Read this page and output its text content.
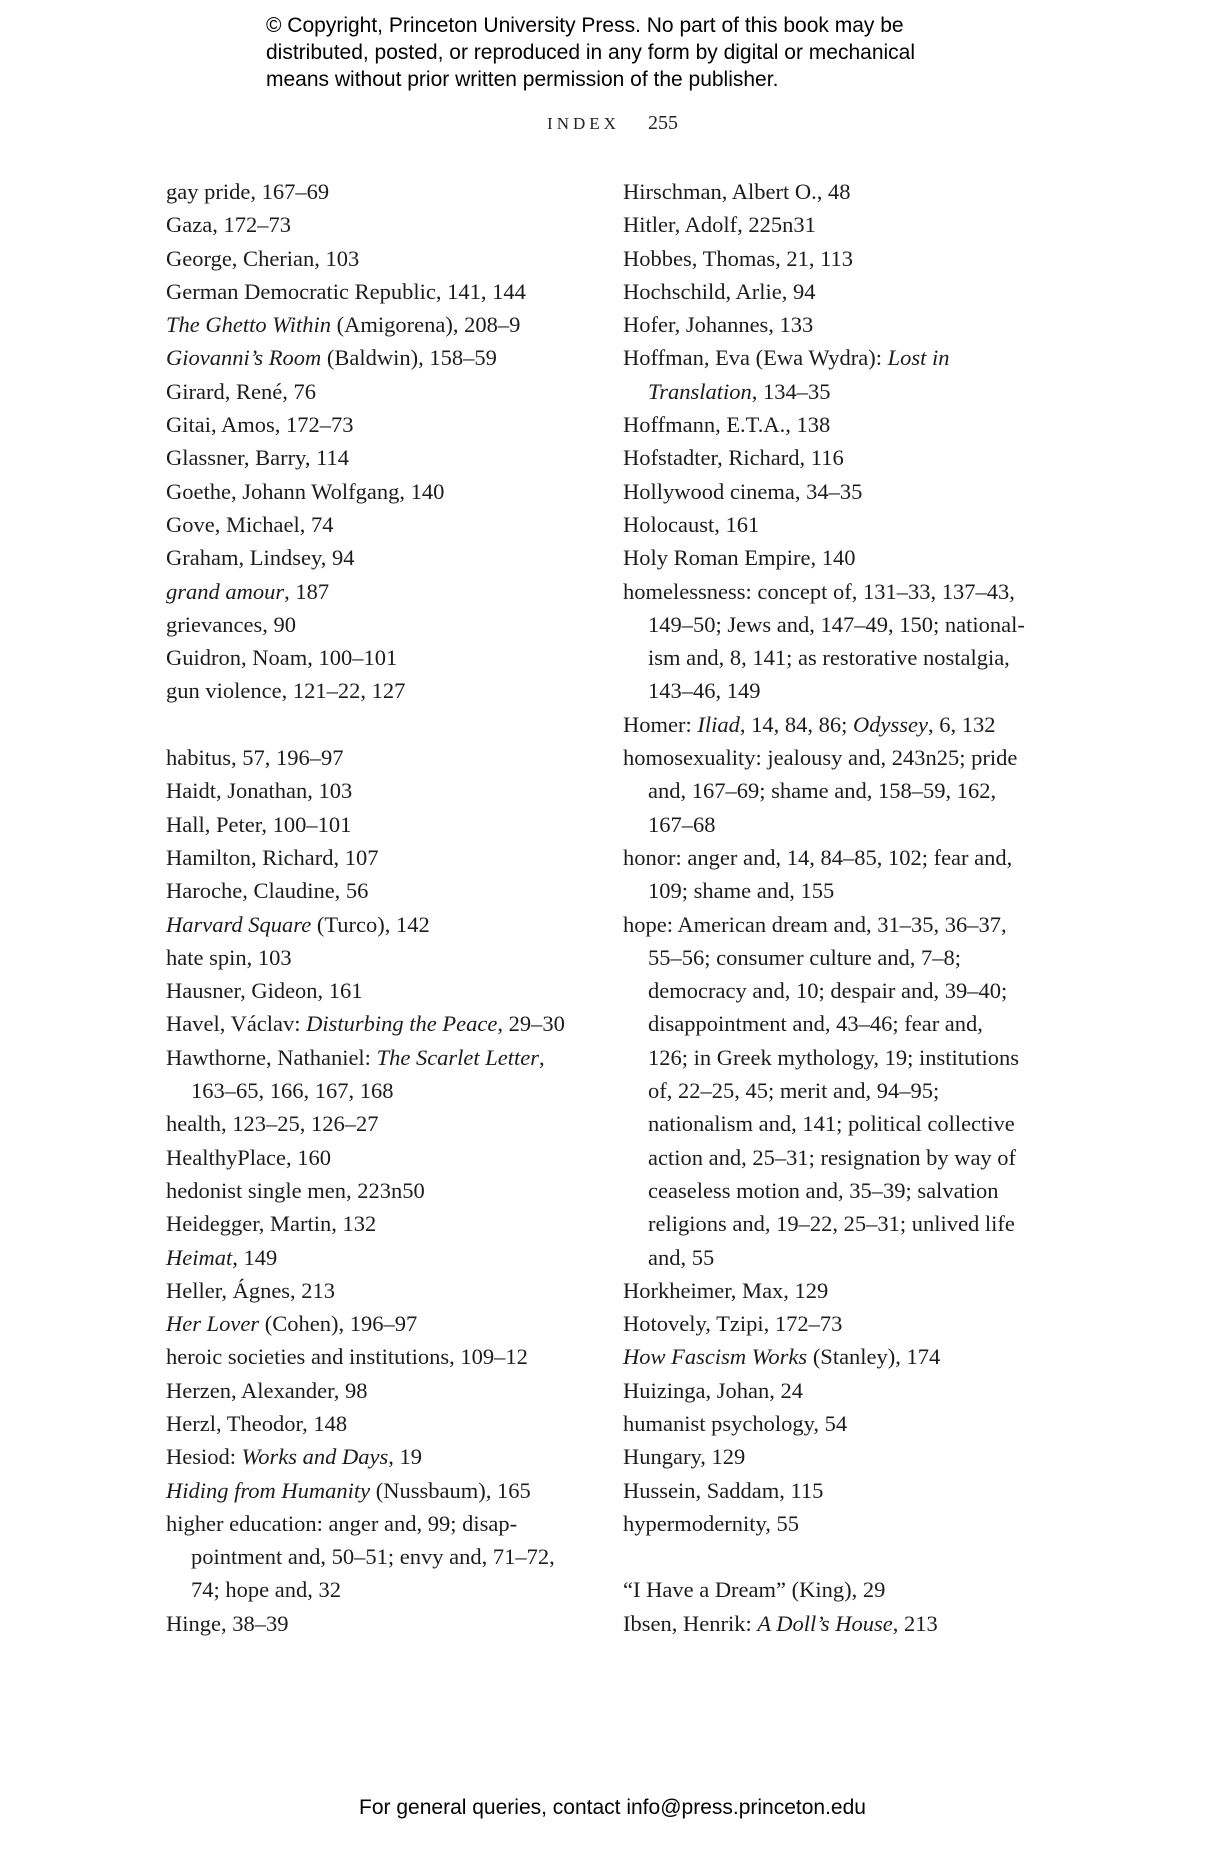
© Copyright, Princeton University Press. No part of this book may be
distributed, posted, or reproduced in any form by digital or mechanical
means without prior written permission of the publisher.
INDEX 255
gay pride, 167–69
Gaza, 172–73
George, Cherian, 103
German Democratic Republic, 141, 144
The Ghetto Within (Amigorena), 208–9
Giovanni’s Room (Baldwin), 158–59
Girard, René, 76
Gitai, Amos, 172–73
Glassner, Barry, 114
Goethe, Johann Wolfgang, 140
Gove, Michael, 74
Graham, Lindsey, 94
grand amour, 187
grievances, 90
Guidron, Noam, 100–101
gun violence, 121–22, 127
habitus, 57, 196–97
Haidt, Jonathan, 103
Hall, Peter, 100–101
Hamilton, Richard, 107
Haroche, Claudine, 56
Harvard Square (Turco), 142
hate spin, 103
Hausner, Gideon, 161
Havel, Václav: Disturbing the Peace, 29–30
Hawthorne, Nathaniel: The Scarlet Letter,
163–65, 166, 167, 168
health, 123–25, 126–27
HealthyPlace, 160
hedonist single men, 223n50
Heidegger, Martin, 132
Heimat, 149
Heller, Ágnes, 213
Her Lover (Cohen), 196–97
heroic societies and institutions, 109–12
Herzen, Alexander, 98
Herzl, Theodor, 148
Hesiod: Works and Days, 19
Hiding from Humanity (Nussbaum), 165
higher education: anger and, 99; disap-
pointment and, 50–51; envy and, 71–72,
74; hope and, 32
Hinge, 38–39
Hirschman, Albert O., 48
Hitler, Adolf, 225n31
Hobbes, Thomas, 21, 113
Hochschild, Arlie, 94
Hofer, Johannes, 133
Hoffman, Eva (Ewa Wydra): Lost in
Translation, 134–35
Hoffmann, E.T.A., 138
Hofstadter, Richard, 116
Hollywood cinema, 34–35
Holocaust, 161
Holy Roman Empire, 140
homelessness: concept of, 131–33, 137–43,
149–50; Jews and, 147–49, 150; national-
ism and, 8, 141; as restorative nostalgia,
143–46, 149
Homer: Iliad, 14, 84, 86; Odyssey, 6, 132
homosexuality: jealousy and, 243n25; pride
and, 167–69; shame and, 158–59, 162,
167–68
honor: anger and, 14, 84–85, 102; fear and,
109; shame and, 155
hope: American dream and, 31–35, 36–37,
55–56; consumer culture and, 7–8;
democracy and, 10; despair and, 39–40;
disappointment and, 43–46; fear and,
126; in Greek mythology, 19; institutions
of, 22–25, 45; merit and, 94–95;
nationalism and, 141; political collective
action and, 25–31; resignation by way of
ceaseless motion and, 35–39; salvation
religions and, 19–22, 25–31; unlived life
and, 55
Horkheimer, Max, 129
Hotovely, Tzipi, 172–73
How Fascism Works (Stanley), 174
Huizinga, Johan, 24
humanist psychology, 54
Hungary, 129
Hussein, Saddam, 115
hypermodernity, 55
“I Have a Dream” (King), 29
Ibsen, Henrik: A Doll’s House, 213
For general queries, contact info@press.princeton.edu
